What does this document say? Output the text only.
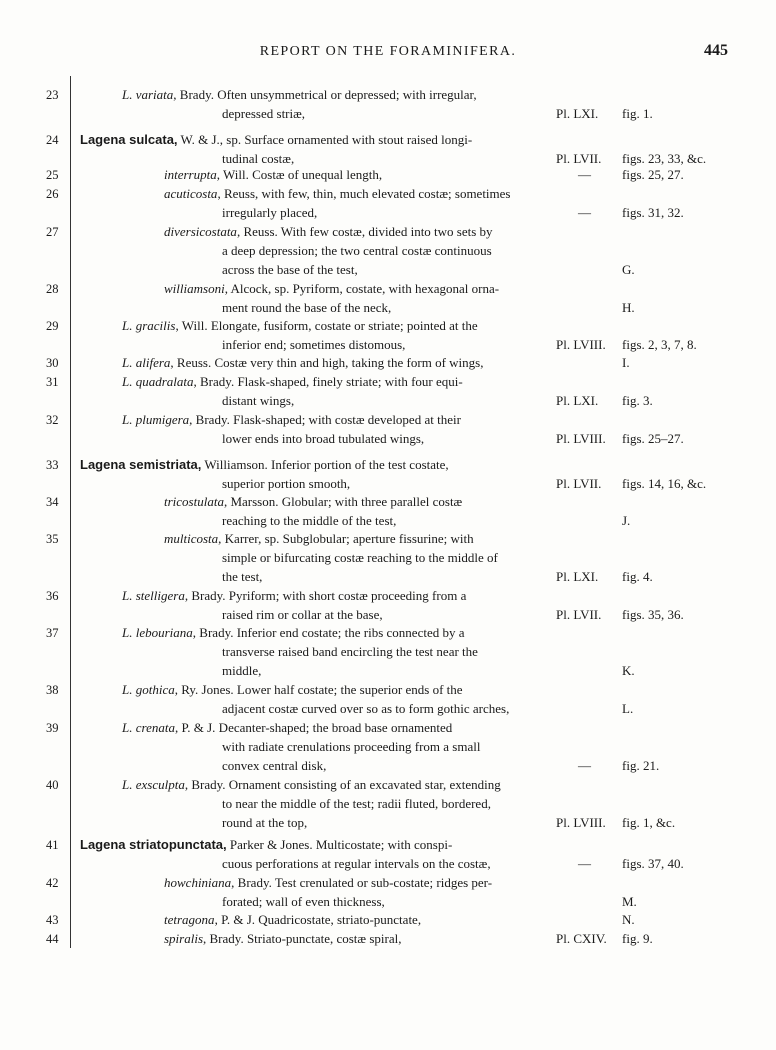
REPORT ON THE FORAMINIFERA.	445
23	L. variata, Brady. Often unsymmetrical or depressed; with irregular,
depressed striæ,	Pl. LXI. fig. 1.
24	Lagena sulcata, W. & J., sp. Surface ornamented with stout raised longi-
tudinal costæ,	Pl. LVII. figs. 23, 33, &c.
25	interrupta, Will. Costæ of unequal length,	— figs. 25, 27.
26	acuticosta, Reuss, with few, thin, much elevated costæ; sometimes
irregularly placed,	— figs. 31, 32.
27	diversicostata, Reuss. With few costæ, divided into two sets by
a deep depression; the two central costæ continuous
across the base of the test,	G.
28	williamsoni, Alcock, sp. Pyriform, costate, with hexagonal orna-
ment round the base of the neck,	H.
29	L. gracilis, Will. Elongate, fusiform, costate or striate; pointed at the
inferior end; sometimes distomous,	Pl. LVIII. figs. 2, 3, 7, 8.
30	L. alifera, Reuss. Costæ very thin and high, taking the form of wings,	I.
31	L. quadralata, Brady. Flask-shaped, finely striate; with four equi-
distant wings,	Pl. LXI. fig. 3.
32	L. plumigera, Brady. Flask-shaped; with costæ developed at their
lower ends into broad tubulated wings,	Pl. LVIII. figs. 25–27.
33	Lagena semistriata, Williamson. Inferior portion of the test costate,
superior portion smooth,	Pl. LVII. figs. 14, 16, &c.
34	tricostulata, Marsson. Globular; with three parallel costæ
reaching to the middle of the test,	J.
35	multicosta, Karrer, sp. Subglobular; aperture fissurine; with
simple or bifurcating costæ reaching to the middle of
the test,	Pl. LXI. fig. 4.
36	L. stelligera, Brady. Pyriform; with short costæ proceeding from a
raised rim or collar at the base,	Pl. LVII. figs. 35, 36.
37	L. lebouriana, Brady. Inferior end costate; the ribs connected by a
transverse raised band encircling the test near the
middle,	K.
38	L. gothica, Ry. Jones. Lower half costate; the superior ends of the
adjacent costæ curved over so as to form gothic arches,	L.
39	L. crenata, P. & J. Decanter-shaped; the broad base ornamented
with radiate crenulations proceeding from a small
convex central disk,	— fig. 21.
40	L. exsculpta, Brady. Ornament consisting of an excavated star, extending
to near the middle of the test; radii fluted, bordered,
round at the top,	Pl. LVIII. fig. 1, &c.
41	Lagena striatopunctata, Parker & Jones. Multicostate; with conspi-
cuous perforations at regular intervals on the costæ,	— figs. 37, 40.
42	howchiniana, Brady. Test crenulated or sub-costate; ridges per-
forated; wall of even thickness,	M.
43	tetragona, P. & J. Quadricostate, striato-punctate,	N.
44	spiralis, Brady. Striato-punctate, costæ spiral,	Pl. CXIV. fig. 9.
